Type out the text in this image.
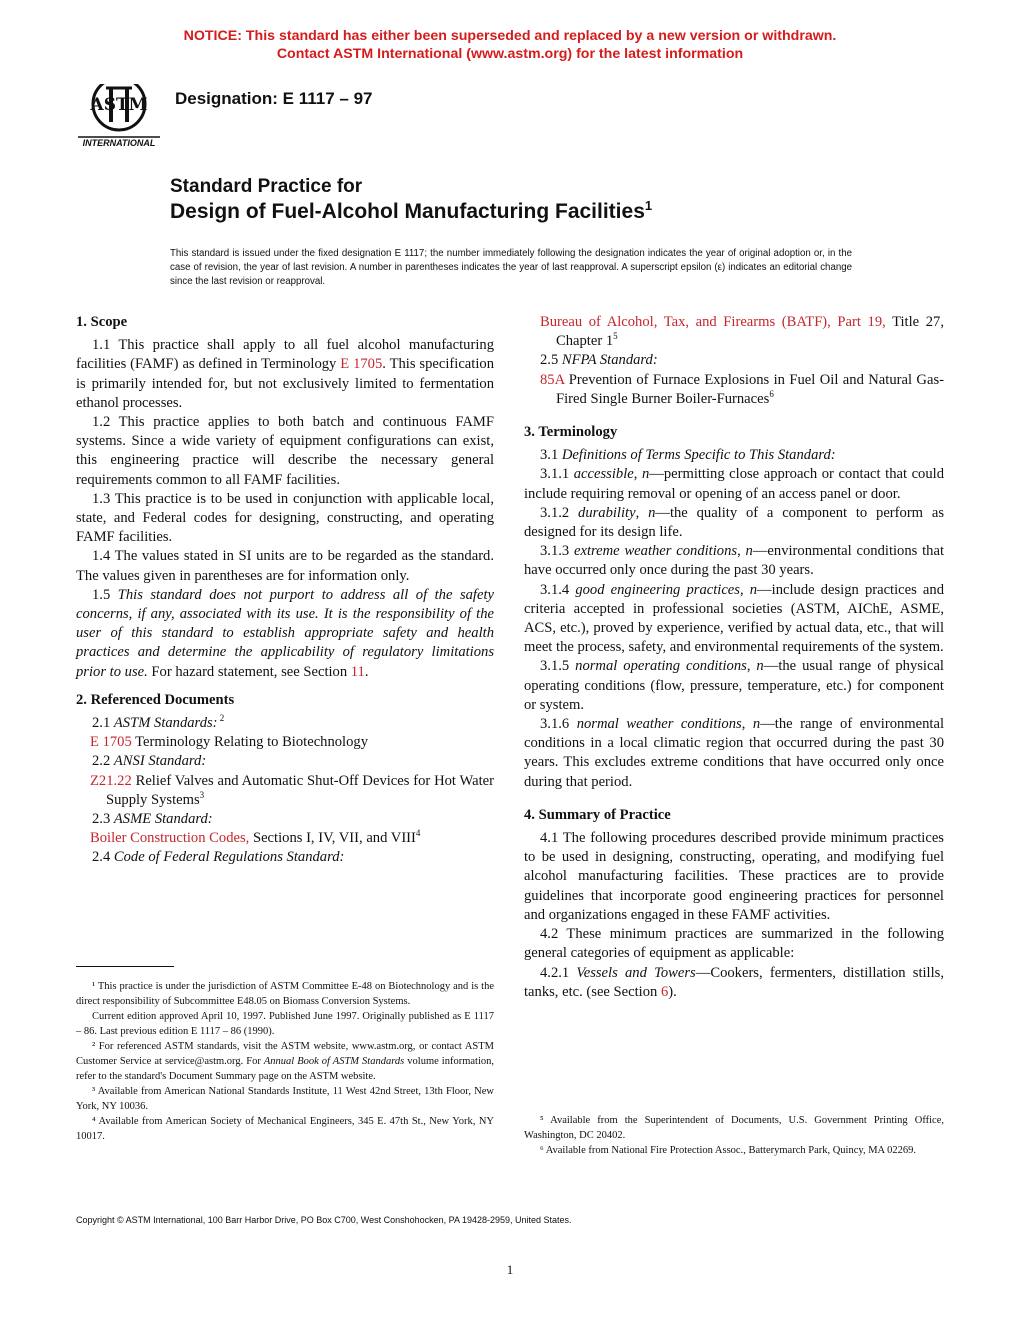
NOTICE: This standard has either been superseded and replaced by a new version or withdrawn.
Contact ASTM International (www.astm.org) for the latest information
ASTM
INTERNATIONAL
Designation: E 1117 – 97
Standard Practice for
Design of Fuel-Alcohol Manufacturing Facilities$^1$
This standard is issued under the fixed designation E 1117; the number immediately following the designation indicates the year of original adoption or, in the case of revision, the year of last revision. A number in parentheses indicates the year of last reapproval. A superscript epsilon (ε) indicates an editorial change since the last revision or reapproval.

1. Scope

1.1 This practice shall apply to all fuel alcohol manufacturing facilities (FAMF) as defined in Terminology E 1705. This specification is primarily intended for, but not exclusively limited to fermentation ethanol processes.

1.2 This practice applies to both batch and continuous FAMF systems. Since a wide variety of equipment configurations can exist, this engineering practice will describe the necessary general requirements common to all FAMF facilities.

1.3 This practice is to be used in conjunction with applicable local, state, and Federal codes for designing, constructing, and operating FAMF facilities.

1.4 The values stated in SI units are to be regarded as the standard. The values given in parentheses are for information only.

1.5 This standard does not purport to address all of the safety concerns, if any, associated with its use. It is the responsibility of the user of this standard to establish appropriate safety and health practices and determine the applicability of regulatory limitations prior to use. For hazard statement, see Section 11.

2. Referenced Documents

2.1 ASTM Standards: $^2$

E 1705 Terminology Relating to Biotechnology

2.2 ANSI Standard:

Z21.22 Relief Valves and Automatic Shut-Off Devices for Hot Water Supply Systems$^3$

2.3 ASME Standard:

Boiler Construction Codes, Sections I, IV, VII, and VIII$^4$

2.4 Code of Federal Regulations Standard:

Bureau of Alcohol, Tax, and Firearms (BATF), Part 19, Title 27, Chapter $1^5$

2.5 NFPA Standard:

85A Prevention of Furnace Explosions in Fuel Oil and Natural Gas-Fired Single Burner Boiler-Furnaces$^6$

3. Terminology

3.1 Definitions of Terms Specific to This Standard:

3.1.1 accessible, n—permitting close approach or contact that could include requiring removal or opening of an access panel or door.

3.1.2 durability, n—the quality of a component to perform as designed for its design life.

3.1.3 extreme weather conditions, n—environmental conditions that have occurred only once during the past 30 years.

3.1.4 good engineering practices, n—include design practices and criteria accepted in professional societies (ASTM, AIChE, ASME, ACS, etc.), proved by experience, verified by actual data, etc., that will meet the process, safety, and environmental requirements of the system.

3.1.5 normal operating conditions, n—the usual range of physical operating conditions (flow, pressure, temperature, etc.) for component or system.

3.1.6 normal weather conditions, n—the range of environmental conditions in a local climatic region that occurred during the past 30 years. This excludes extreme conditions that have occurred only once during that period.

4. Summary of Practice

4.1 The following procedures described provide minimum practices to be used in designing, constructing, operating, and modifying fuel alcohol manufacturing facilities. These practices are to provide guidelines that incorporate good engineering practices for personnel and organizations engaged in these FAMF activities.

4.2 These minimum practices are summarized in the following general categories of equipment as applicable:

4.2.1 Vessels and Towers—Cookers, fermenters, distillation stills, tanks, etc. (see Section 6).

¹ This practice is under the jurisdiction of ASTM Committee E-48 on Biotechnology and is the direct responsibility of Subcommittee E48.05 on Biomass Conversion Systems.

Current edition approved April 10, 1997. Published June 1997. Originally published as E 1117 – 86. Last previous edition E 1117 – 86 (1990).

² For referenced ASTM standards, visit the ASTM website, www.astm.org, or contact ASTM Customer Service at service@astm.org. For Annual Book of ASTM Standards volume information, refer to the standard's Document Summary page on the ASTM website.

³ Available from American National Standards Institute, 11 West 42nd Street, 13th Floor, New York, NY 10036.

⁴ Available from American Society of Mechanical Engineers, 345 E. 47th St., New York, NY 10017.

⁵ Available from the Superintendent of Documents, U.S. Government Printing Office, Washington, DC 20402.

⁶ Available from National Fire Protection Assoc., Batterymarch Park, Quincy, MA 02269.

Copyright © ASTM International, 100 Barr Harbor Drive, PO Box C700, West Conshohocken, PA 19428-2959, United States.
1
